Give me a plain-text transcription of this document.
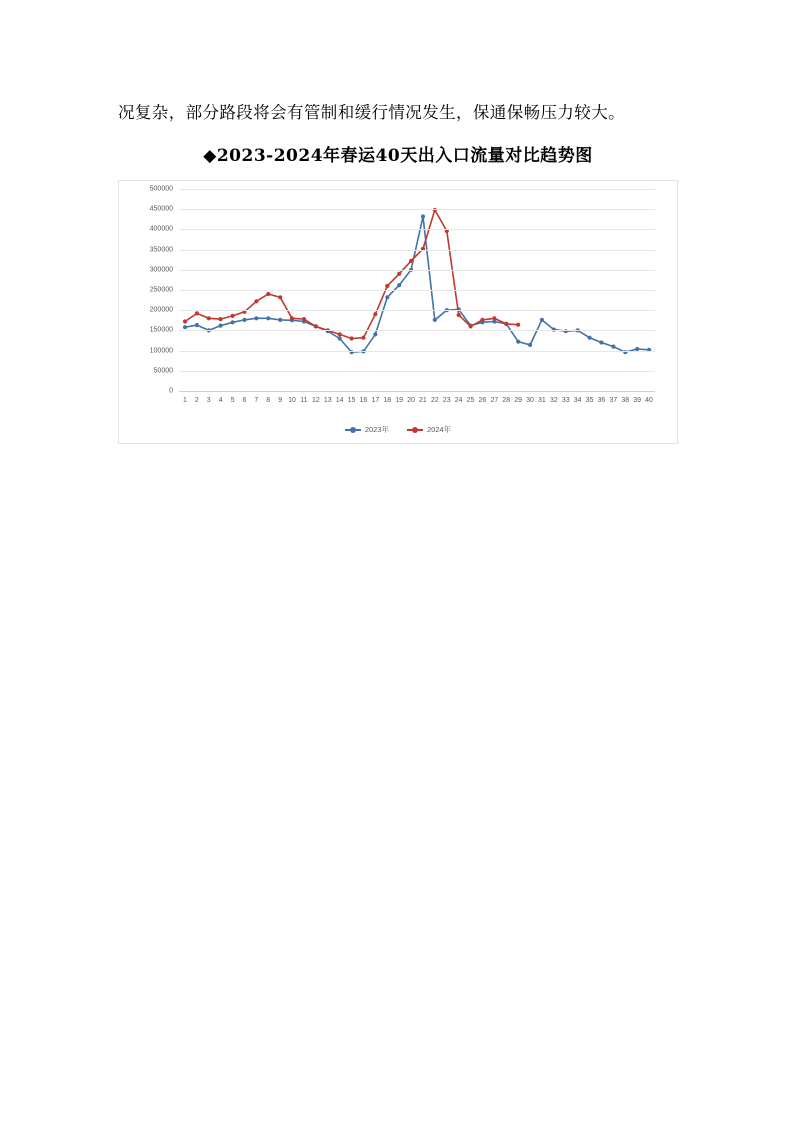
况复杂，部分路段将会有管制和缓行情况发生，保通保畅压力较大。
◆2023-2024年春运40天出入口流量对比趋势图
0
50000
100000
150000
200000
250000
300000
350000
400000
450000
500000
1 2 3 4 5 6 7 8 9 10 11 12 13 14 15 16 17 18 19 20 21 22 23 24 25 26 27 28 29 30 31 32 33 34 35 36 37 38 39 40
2023年	2024年
